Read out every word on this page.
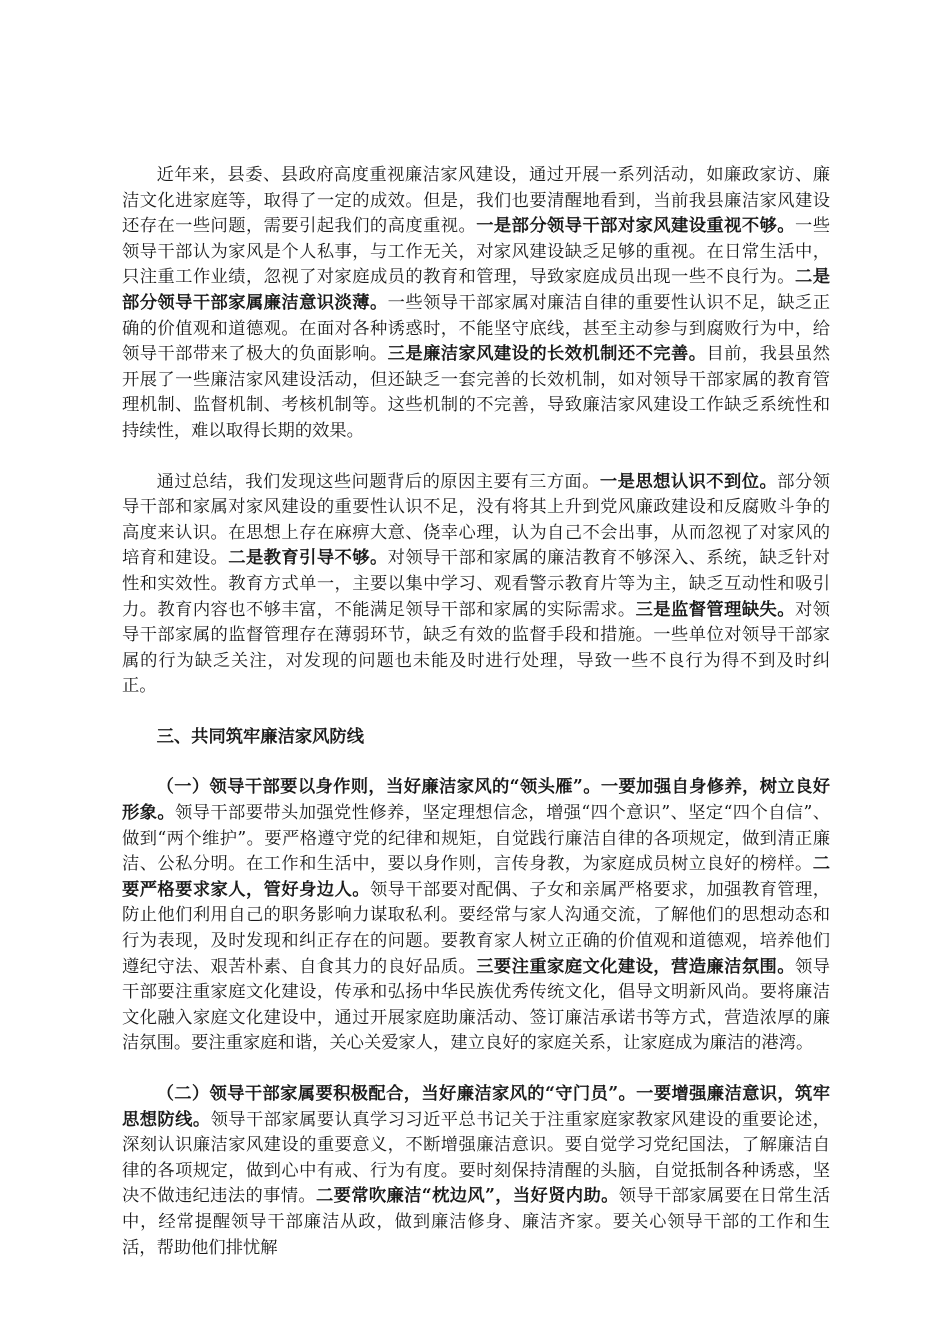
近年来，县委、县政府高度重视廉洁家风建设，通过开展一系列活动，如廉政家访、廉洁文化进家庭等，取得了一定的成效。但是，我们也要清醒地看到，当前我县廉洁家风建设还存在一些问题，需要引起我们的高度重视。一是部分领导干部对家风建设重视不够。一些领导干部认为家风是个人私事，与工作无关，对家风建设缺乏足够的重视。在日常生活中，只注重工作业绩，忽视了对家庭成员的教育和管理，导致家庭成员出现一些不良行为。二是部分领导干部家属廉洁意识淡薄。一些领导干部家属对廉洁自律的重要性认识不足，缺乏正确的价值观和道德观。在面对各种诱惑时，不能坚守底线，甚至主动参与到腐败行为中，给领导干部带来了极大的负面影响。三是廉洁家风建设的长效机制还不完善。目前，我县虽然开展了一些廉洁家风建设活动，但还缺乏一套完善的长效机制，如对领导干部家属的教育管理机制、监督机制、考核机制等。这些机制的不完善，导致廉洁家风建设工作缺乏系统性和持续性，难以取得长期的效果。

通过总结，我们发现这些问题背后的原因主要有三方面。一是思想认识不到位。部分领导干部和家属对家风建设的重要性认识不足，没有将其上升到党风廉政建设和反腐败斗争的高度来认识。在思想上存在麻痹大意、侥幸心理，认为自己不会出事，从而忽视了对家风的培育和建设。二是教育引导不够。对领导干部和家属的廉洁教育不够深入、系统，缺乏针对性和实效性。教育方式单一，主要以集中学习、观看警示教育片等为主，缺乏互动性和吸引力。教育内容也不够丰富，不能满足领导干部和家属的实际需求。三是监督管理缺失。对领导干部家属的监督管理存在薄弱环节，缺乏有效的监督手段和措施。一些单位对领导干部家属的行为缺乏关注，对发现的问题也未能及时进行处理，导致一些不良行为得不到及时纠正。

三、共同筑牢廉洁家风防线

（一）领导干部要以身作则，当好廉洁家风的“领头雁”。一要加强自身修养，树立良好形象。领导干部要带头加强党性修养，坚定理想信念，增强“四个意识”、坚定“四个自信”、做到“两个维护”。要严格遵守党的纪律和规矩，自觉践行廉洁自律的各项规定，做到清正廉洁、公私分明。在工作和生活中，要以身作则，言传身教，为家庭成员树立良好的榜样。二要严格要求家人，管好身边人。领导干部要对配偶、子女和亲属严格要求，加强教育管理，防止他们利用自己的职务影响力谋取私利。要经常与家人沟通交流，了解他们的思想动态和行为表现，及时发现和纠正存在的问题。要教育家人树立正确的价值观和道德观，培养他们遵纪守法、艰苦朴素、自食其力的良好品质。三要注重家庭文化建设，营造廉洁氛围。领导干部要注重家庭文化建设，传承和弘扬中华民族优秀传统文化，倡导文明新风尚。要将廉洁文化融入家庭文化建设中，通过开展家庭助廉活动、签订廉洁承诺书等方式，营造浓厚的廉洁氛围。要注重家庭和谐，关心关爱家人，建立良好的家庭关系，让家庭成为廉洁的港湾。

（二）领导干部家属要积极配合，当好廉洁家风的“守门员”。一要增强廉洁意识，筑牢思想防线。领导干部家属要认真学习习近平总书记关于注重家庭家教家风建设的重要论述，深刻认识廉洁家风建设的重要意义，不断增强廉洁意识。要自觉学习党纪国法，了解廉洁自律的各项规定，做到心中有戒、行为有度。要时刻保持清醒的头脑，自觉抵制各种诱惑，坚决不做违纪违法的事情。二要常吹廉洁“枕边风”，当好贤内助。领导干部家属要在日常生活中，经常提醒领导干部廉洁从政，做到廉洁修身、廉洁齐家。要关心领导干部的工作和生活，帮助他们排忧解
